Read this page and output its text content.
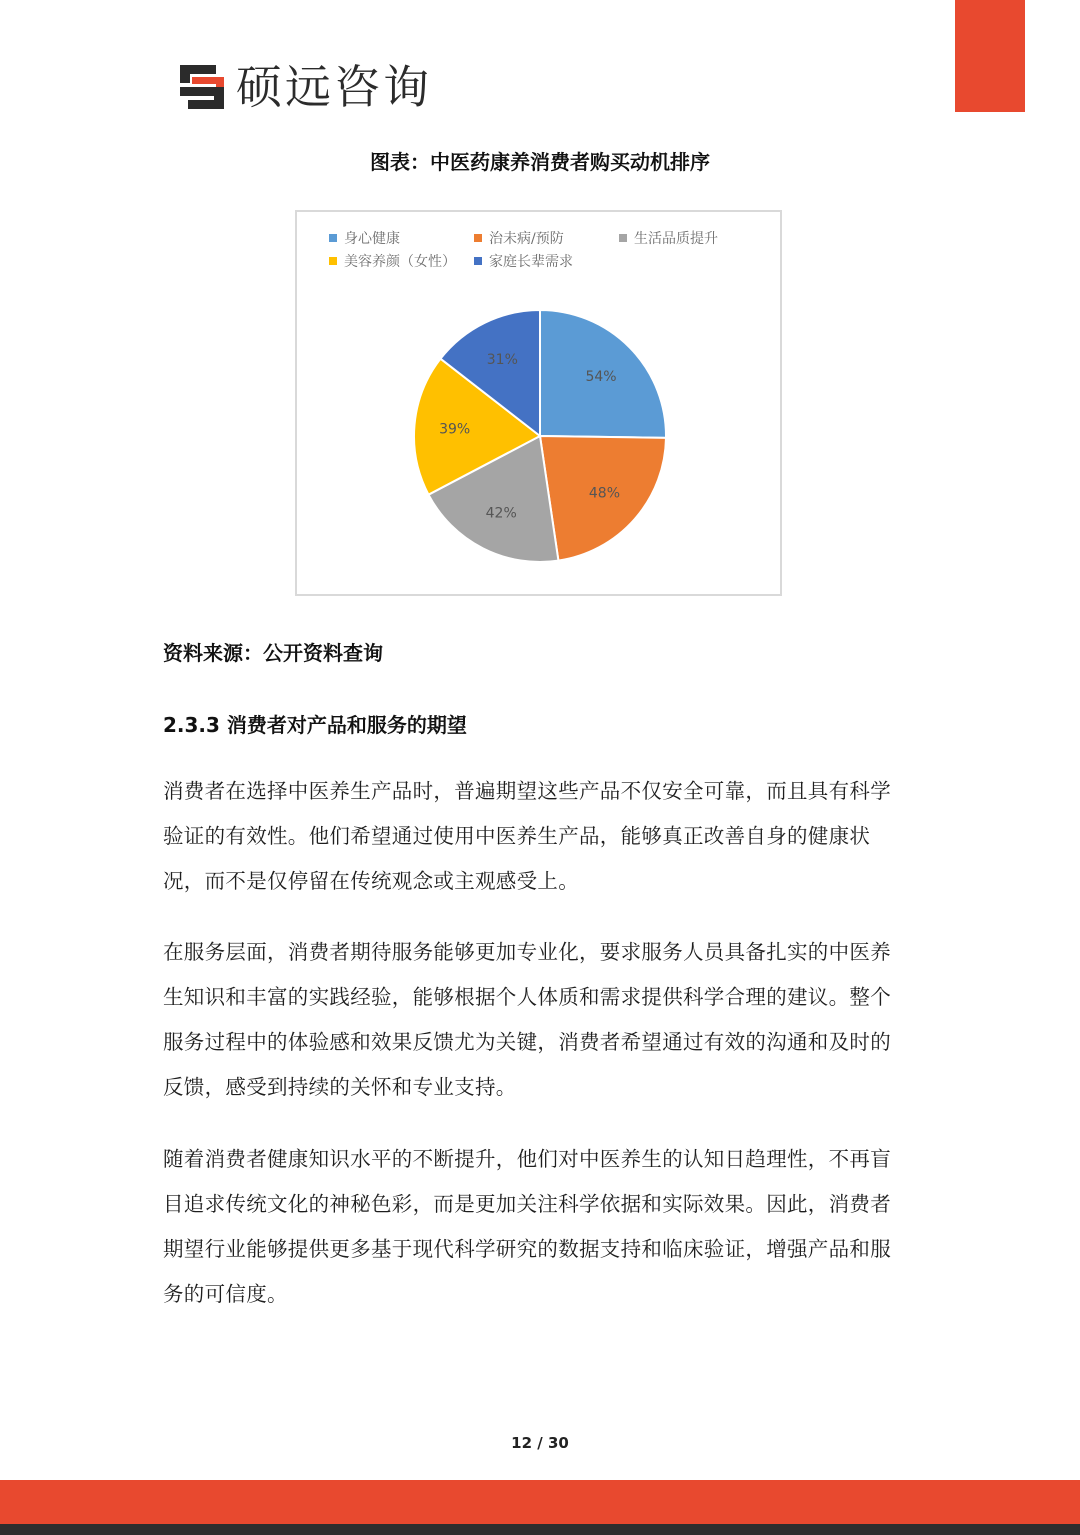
硕远咨询
图表：中医药康养消费者购买动机排序
身心健康	治未病/预防	生活品质提升
美容养颜（女性） 家庭长辈需求
54%
48%
42%
39%
31%
资料来源：公开资料查询
2.3.3 消费者对产品和服务的期望
消费者在选择中医养生产品时，普遍期望这些产品不仅安全可靠，而且具有科学验证的有效性。他们希望通过使用中医养生产品，能够真正改善自身的健康状况，而不是仅停留在传统观念或主观感受上。
在服务层面，消费者期待服务能够更加专业化，要求服务人员具备扎实的中医养生知识和丰富的实践经验，能够根据个人体质和需求提供科学合理的建议。整个服务过程中的体验感和效果反馈尤为关键，消费者希望通过有效的沟通和及时的反馈，感受到持续的关怀和专业支持。
随着消费者健康知识水平的不断提升，他们对中医养生的认知日趋理性，不再盲目追求传统文化的神秘色彩，而是更加关注科学依据和实际效果。因此，消费者期望行业能够提供更多基于现代科学研究的数据支持和临床验证，增强产品和服务的可信度。
12 / 30
